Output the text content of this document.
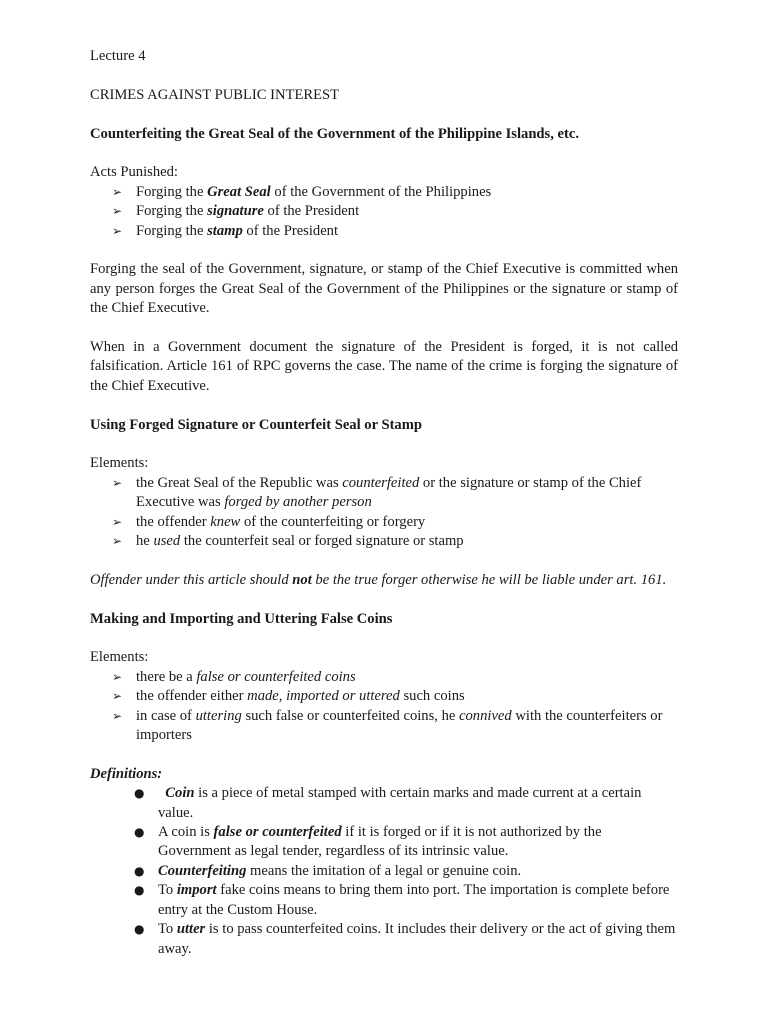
Lecture 4

CRIMES AGAINST PUBLIC INTEREST

Counterfeiting the Great Seal of the Government of the Philippine Islands, etc.

Acts Punished:

➢ Forging the Great Seal of the Government of the Philippines
➢ Forging the signature of the President
➢ Forging the stamp of the President

Forging the seal of the Government, signature, or stamp of the Chief Executive is committed when any person forges the Great Seal of the Government of the Philippines or the signature or stamp of the Chief Executive.

When in a Government document the signature of the President is forged, it is not called falsification. Article 161 of RPC governs the case. The name of the crime is forging the signature of the Chief Executive.

Using Forged Signature or Counterfeit Seal or Stamp

Elements:

➢ the Great Seal of the Republic was counterfeited or the signature or stamp of the Chief Executive was forged by another person
➢ the offender knew of the counterfeiting or forgery
➢ he used the counterfeit seal or forged signature or stamp

Offender under this article should not be the true forger otherwise he will be liable under art. 161.

Making and Importing and Uttering False Coins

Elements:

➢ there be a false or counterfeited coins
➢ the offender either made, imported or uttered such coins
➢ in case of uttering such false or counterfeited coins, he connived with the counterfeiters or importers

Definitions:

● Coin is a piece of metal stamped with certain marks and made current at a certain value.
● A coin is false or counterfeited if it is forged or if it is not authorized by the Government as legal tender, regardless of its intrinsic value.
● Counterfeiting means the imitation of a legal or genuine coin.
● To import fake coins means to bring them into port. The importation is complete before entry at the Custom House.
● To utter is to pass counterfeited coins. It includes their delivery or the act of giving them away.
